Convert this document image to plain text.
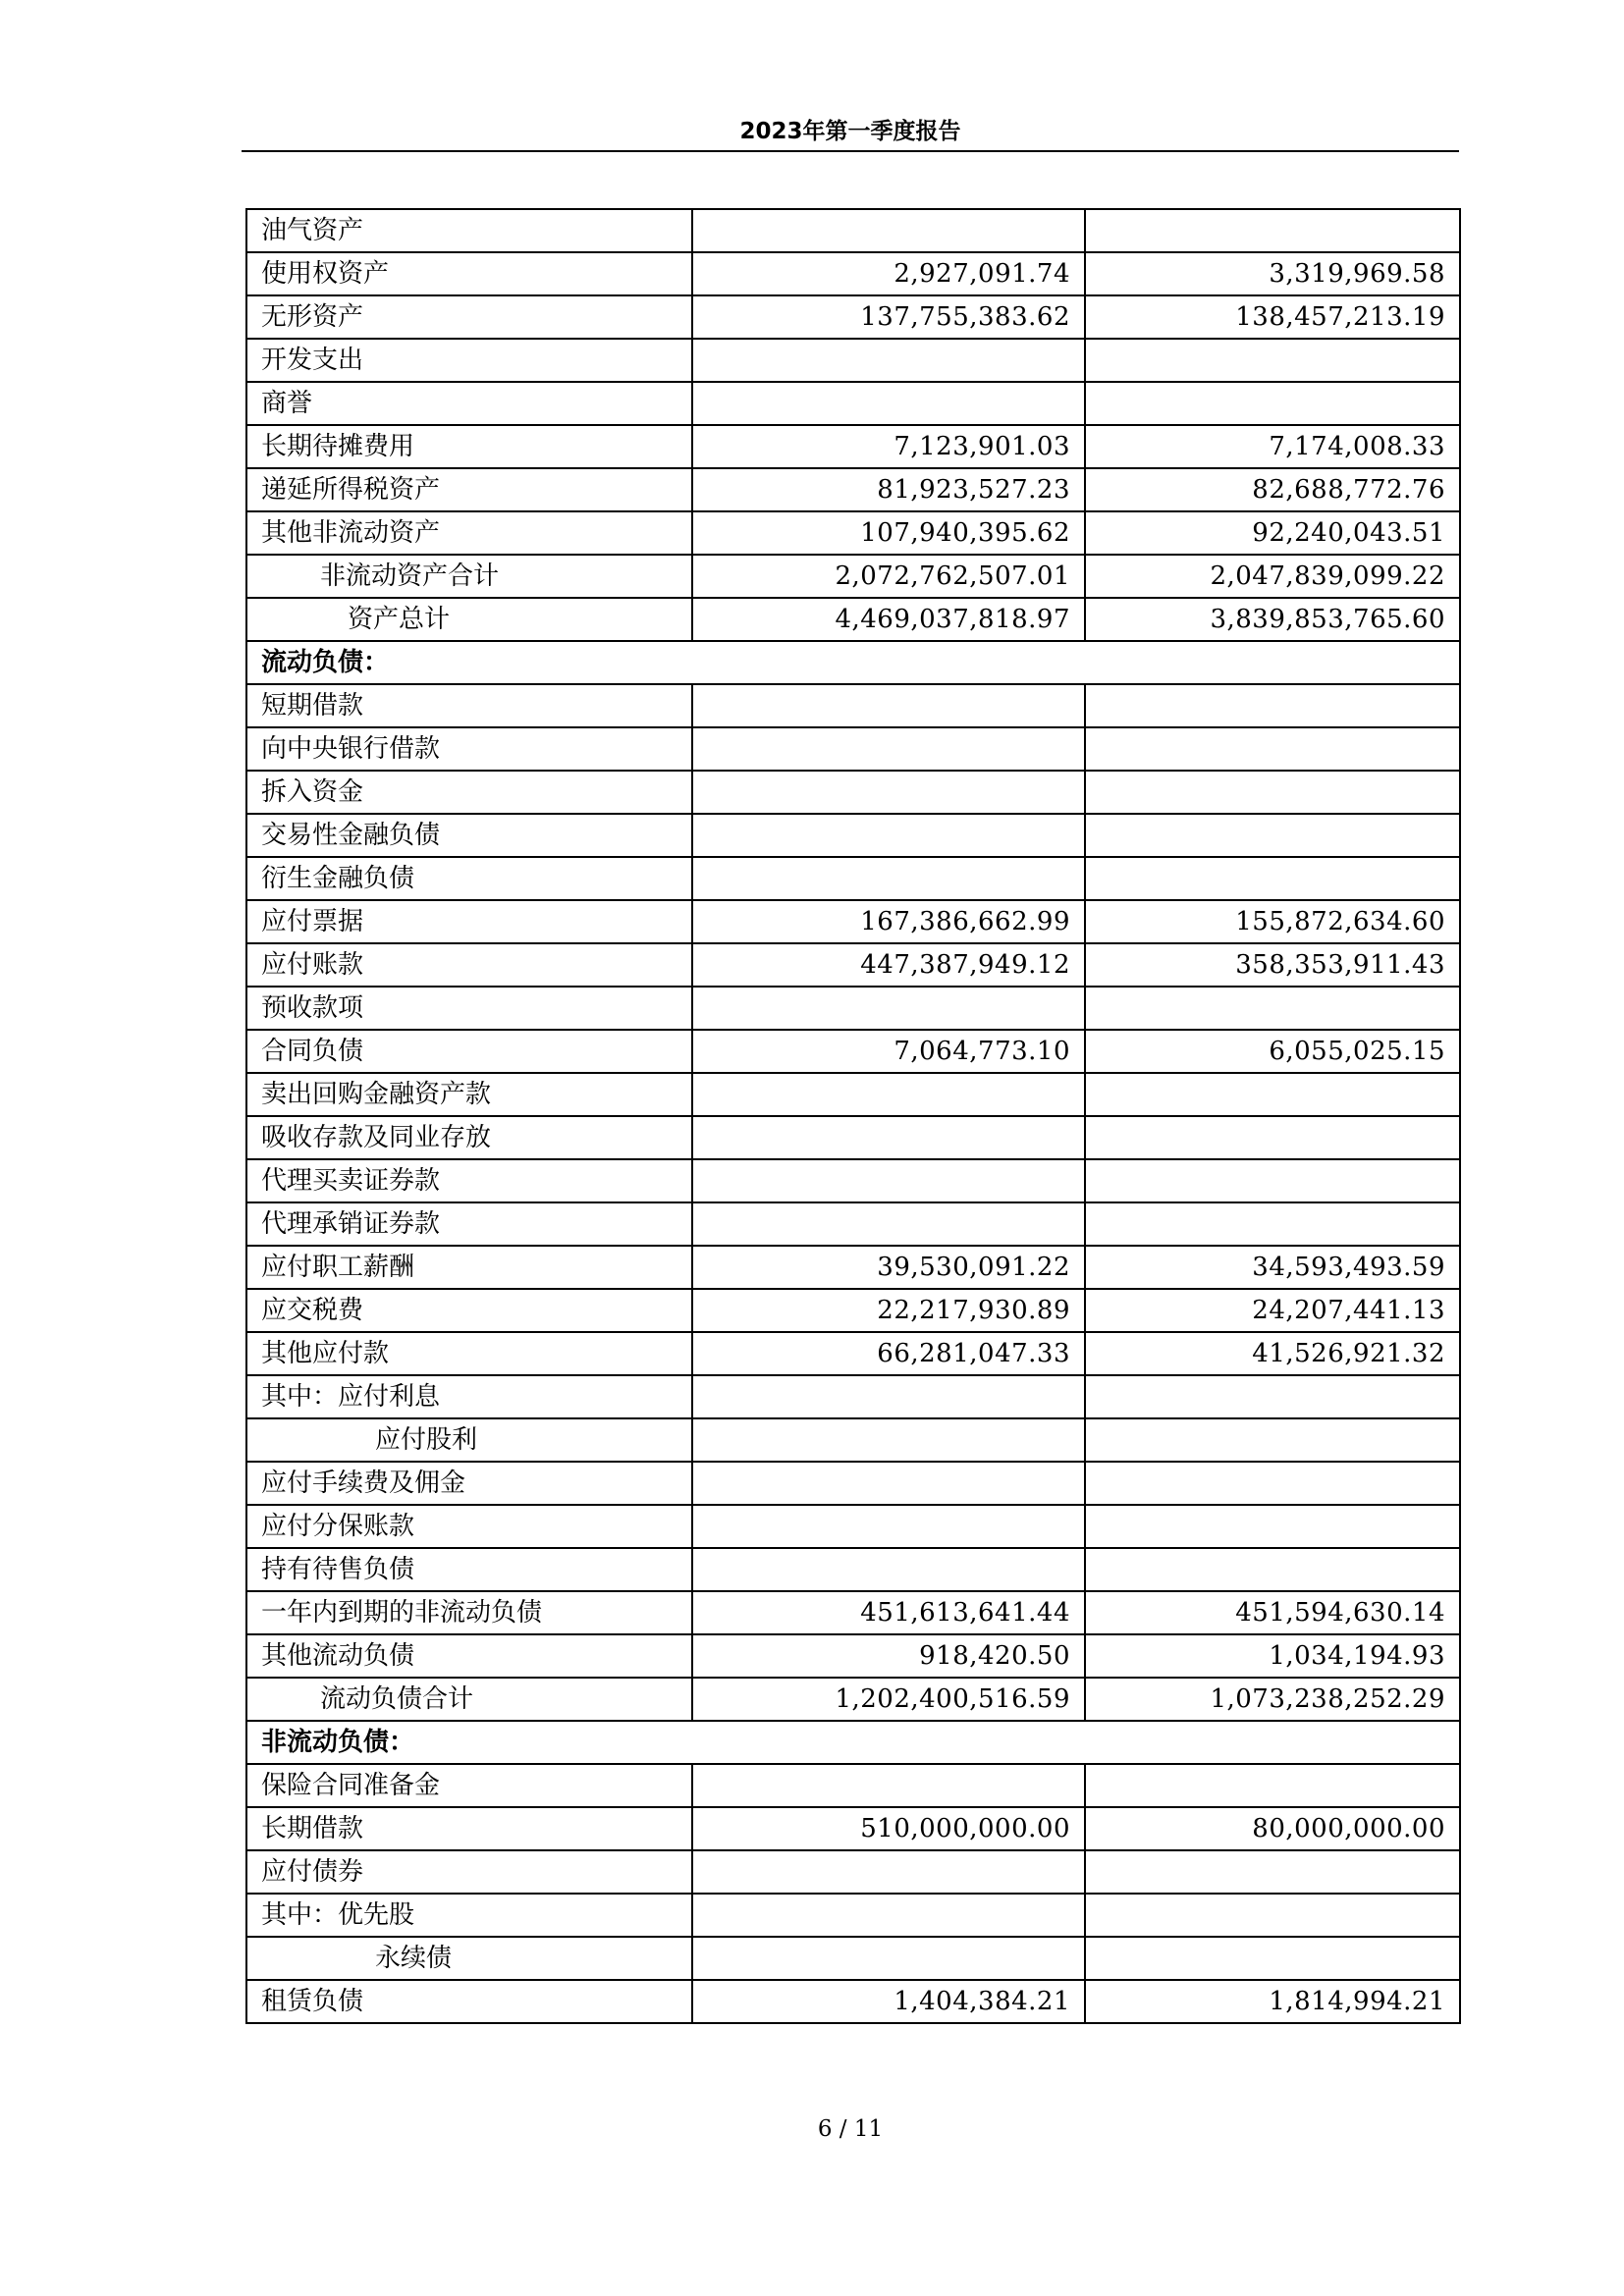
2023年第一季度报告
油气资产		
使用权资产	2,927,091.74	3,319,969.58
无形资产	137,755,383.62	138,457,213.19
开发支出		
商誉		
长期待摊费用	7,123,901.03	7,174,008.33
递延所得税资产	81,923,527.23	82,688,772.76
其他非流动资产	107,940,395.62	92,240,043.51
非流动资产合计	2,072,762,507.01	2,047,839,099.22
资产总计	4,469,037,818.97	3,839,853,765.60
流动负债：		
短期借款		
向中央银行借款		
拆入资金		
交易性金融负债		
衍生金融负债		
应付票据	167,386,662.99	155,872,634.60
应付账款	447,387,949.12	358,353,911.43
预收款项		
合同负债	7,064,773.10	6,055,025.15
卖出回购金融资产款		
吸收存款及同业存放		
代理买卖证券款		
代理承销证券款		
应付职工薪酬	39,530,091.22	34,593,493.59
应交税费	22,217,930.89	24,207,441.13
其他应付款	66,281,047.33	41,526,921.32
其中：应付利息		
应付股利		
应付手续费及佣金		
应付分保账款		
持有待售负债		
一年内到期的非流动负债	451,613,641.44	451,594,630.14
其他流动负债	918,420.50	1,034,194.93
流动负债合计	1,202,400,516.59	1,073,238,252.29
非流动负债：		
保险合同准备金		
长期借款	510,000,000.00	80,000,000.00
应付债券		
其中：优先股		
永续债		
租赁负债	1,404,384.21	1,814,994.21
6 / 11
